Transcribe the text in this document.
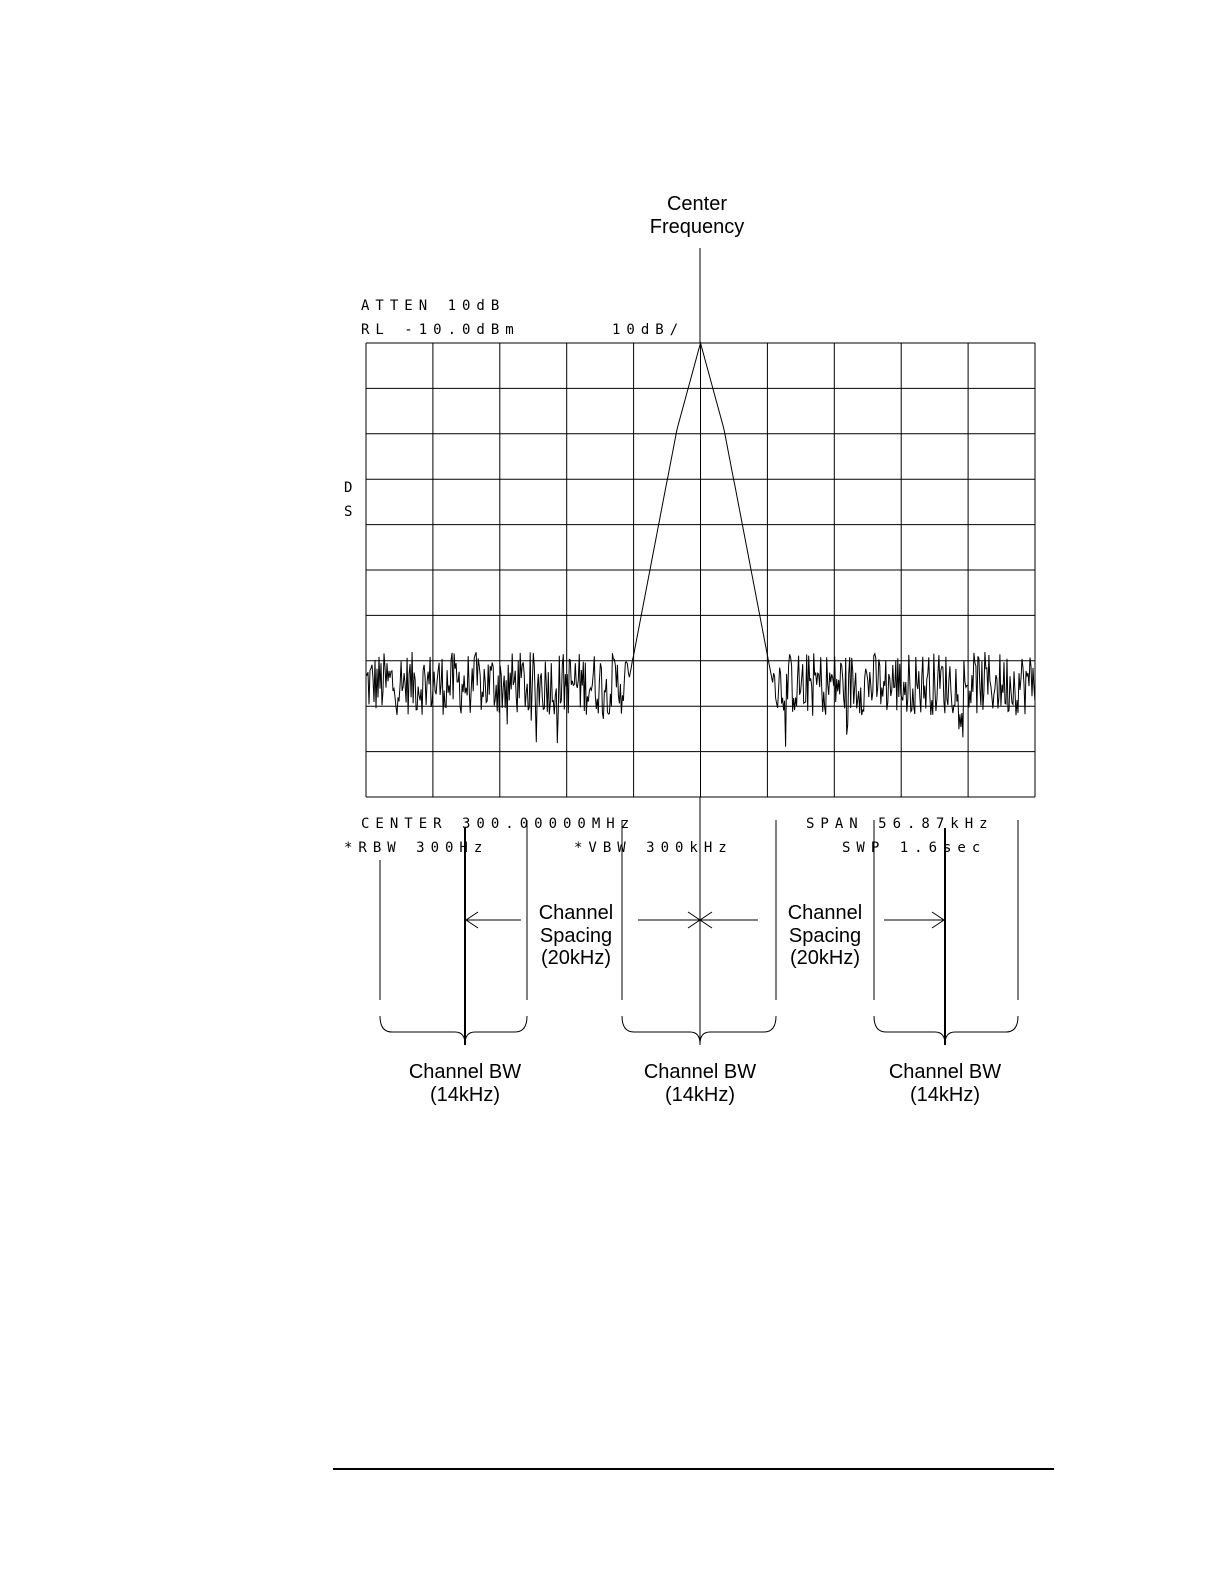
Center
Frequency
ATTEN 10dB
RL -10.0dBm	10dB/
D
S
CENTER 300.00000MHz	SPAN 56.87kHz
*RBW 300Hz	*VBW 300kHz	SWP 1.6sec
Channel
Spacing
(20kHz)
Channel
Spacing
(20kHz)
Channel BW
(14kHz)
Channel BW
(14kHz)
Channel BW
(14kHz)
